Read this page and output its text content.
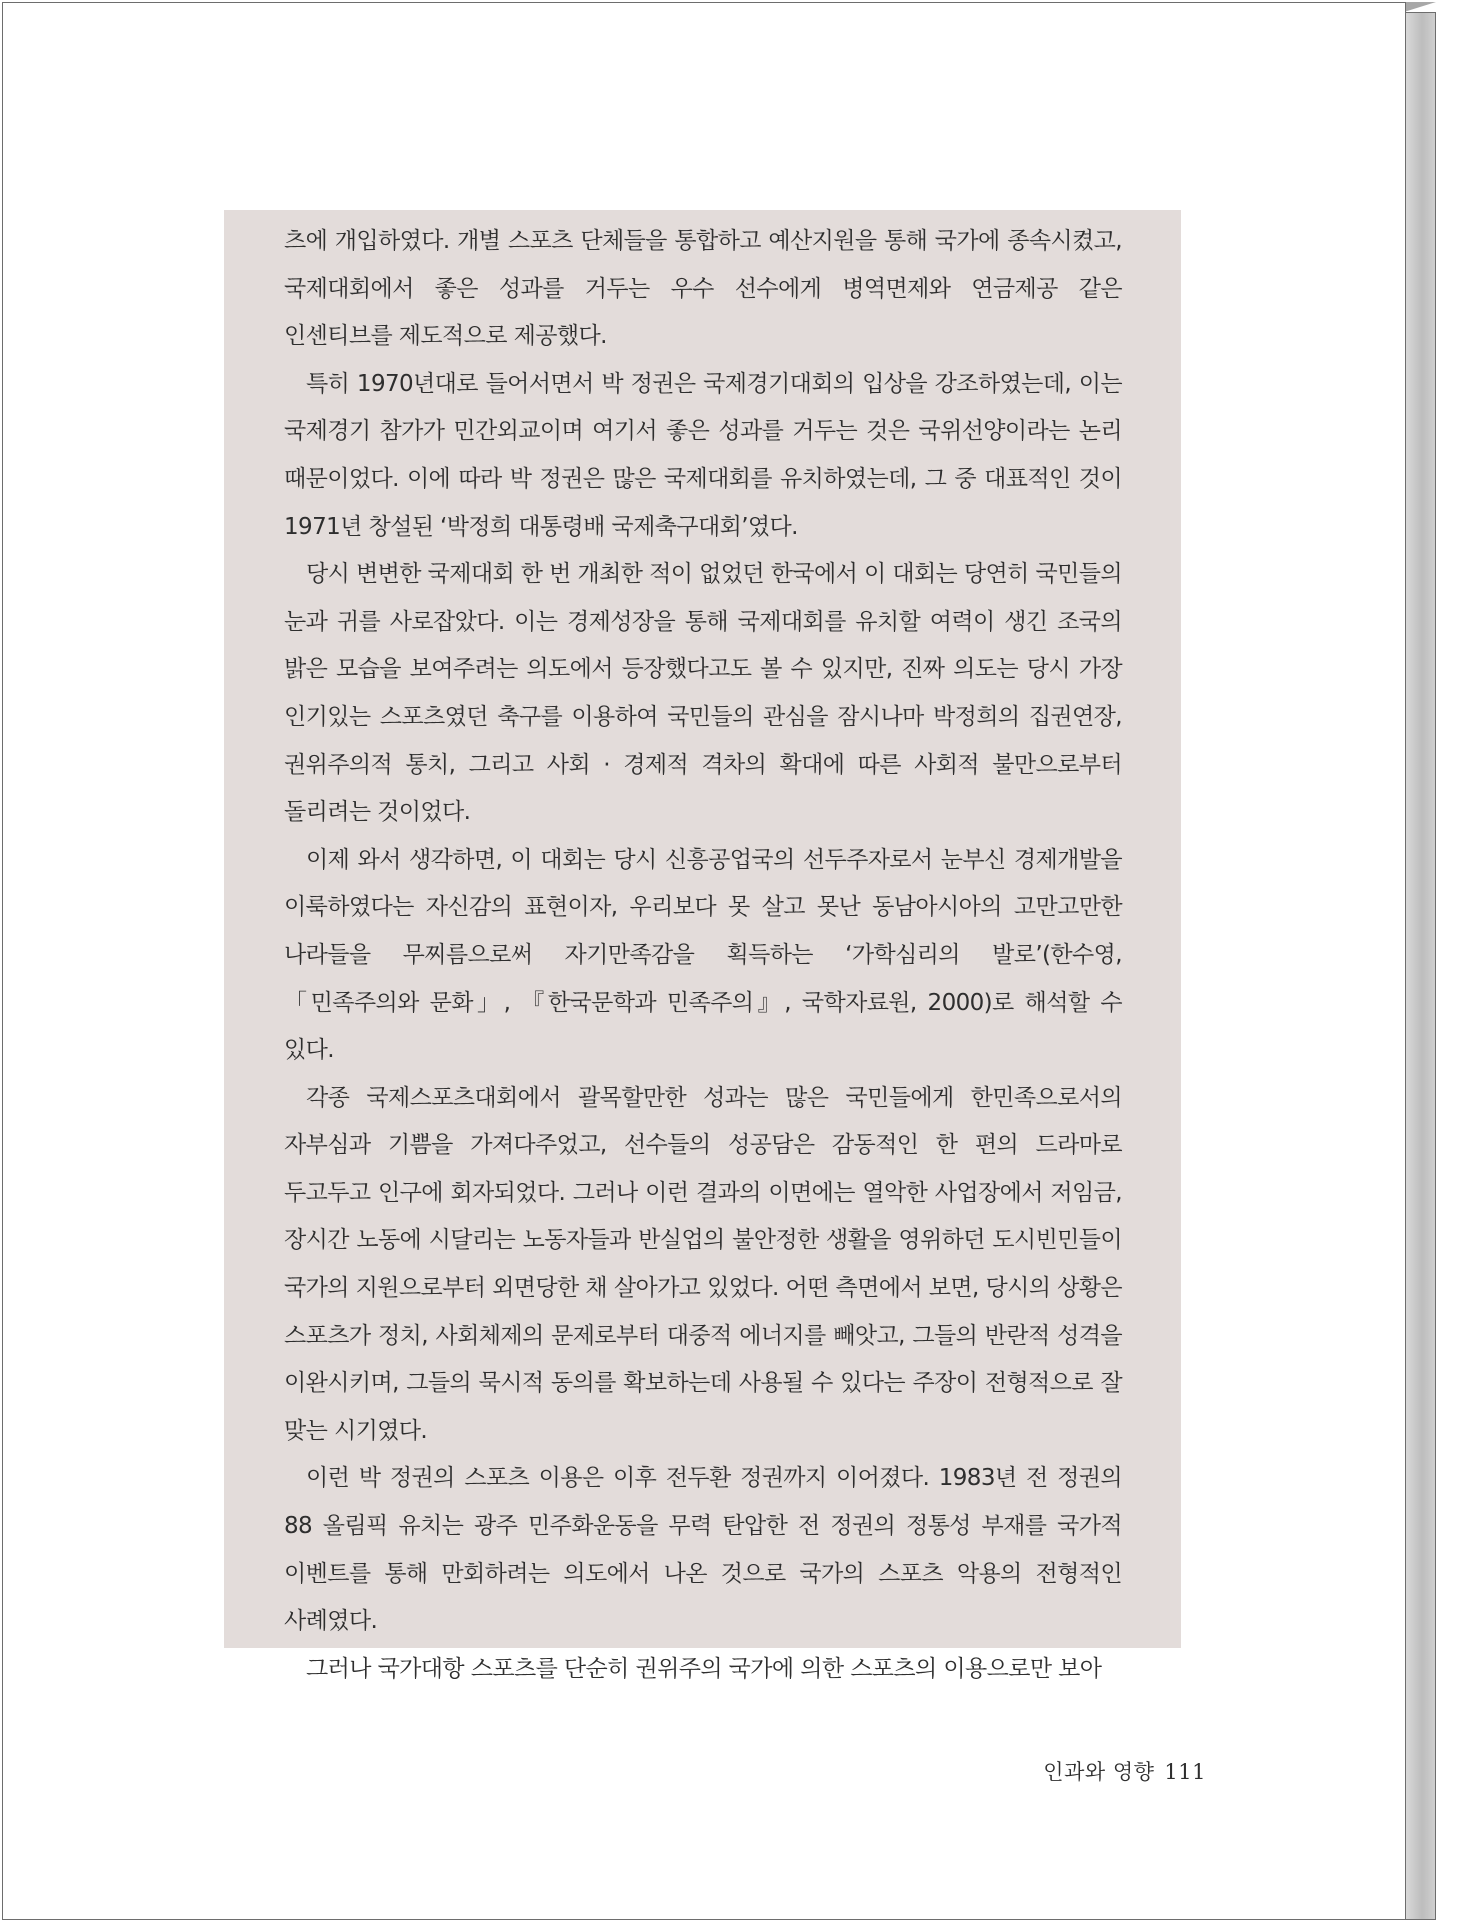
츠에 개입하였다. 개별 스포츠 단체들을 통합하고 예산지원을 통해 국가에 종속시켰고, 국제대회에서 좋은 성과를 거두는 우수 선수에게 병역면제와 연금제공 같은 인센티브를 제도적으로 제공했다.

특히 1970년대로 들어서면서 박 정권은 국제경기대회의 입상을 강조하였는데, 이는 국제경기 참가가 민간외교이며 여기서 좋은 성과를 거두는 것은 국위선양이라는 논리 때문이었다. 이에 따라 박 정권은 많은 국제대회를 유치하였는데, 그 중 대표적인 것이 1971년 창설된 ‘박정희 대통령배 국제축구대회’였다.

당시 변변한 국제대회 한 번 개최한 적이 없었던 한국에서 이 대회는 당연히 국민들의 눈과 귀를 사로잡았다. 이는 경제성장을 통해 국제대회를 유치할 여력이 생긴 조국의 밝은 모습을 보여주려는 의도에서 등장했다고도 볼 수 있지만, 진짜 의도는 당시 가장 인기있는 스포츠였던 축구를 이용하여 국민들의 관심을 잠시나마 박정희의 집권연장, 권위주의적 통치, 그리고 사회 · 경제적 격차의 확대에 따른 사회적 불만으로부터 돌리려는 것이었다.

이제 와서 생각하면, 이 대회는 당시 신흥공업국의 선두주자로서 눈부신 경제개발을 이룩하였다는 자신감의 표현이자, 우리보다 못 살고 못난 동남아시아의 고만고만한 나라들을 무찌름으로써 자기만족감을 획득하는 ‘가학심리의 발로’(한수영, 「민족주의와 문화」, 『한국문학과 민족주의』, 국학자료원, 2000)로 해석할 수 있다.

각종 국제스포츠대회에서 괄목할만한 성과는 많은 국민들에게 한민족으로서의 자부심과 기쁨을 가져다주었고, 선수들의 성공담은 감동적인 한 편의 드라마로 두고두고 인구에 회자되었다. 그러나 이런 결과의 이면에는 열악한 사업장에서 저임금, 장시간 노동에 시달리는 노동자들과 반실업의 불안정한 생활을 영위하던 도시빈민들이 국가의 지원으로부터 외면당한 채 살아가고 있었다. 어떤 측면에서 보면, 당시의 상황은 스포츠가 정치, 사회체제의 문제로부터 대중적 에너지를 빼앗고, 그들의 반란적 성격을 이완시키며, 그들의 묵시적 동의를 확보하는데 사용될 수 있다는 주장이 전형적으로 잘 맞는 시기였다.

이런 박 정권의 스포츠 이용은 이후 전두환 정권까지 이어졌다. 1983년 전 정권의 88 올림픽 유치는 광주 민주화운동을 무력 탄압한 전 정권의 정통성 부재를 국가적 이벤트를 통해 만회하려는 의도에서 나온 것으로 국가의 스포츠 악용의 전형적인 사례였다.

그러나 국가대항 스포츠를 단순히 권위주의 국가에 의한 스포츠의 이용으로만 보아

인과와 영향 111
